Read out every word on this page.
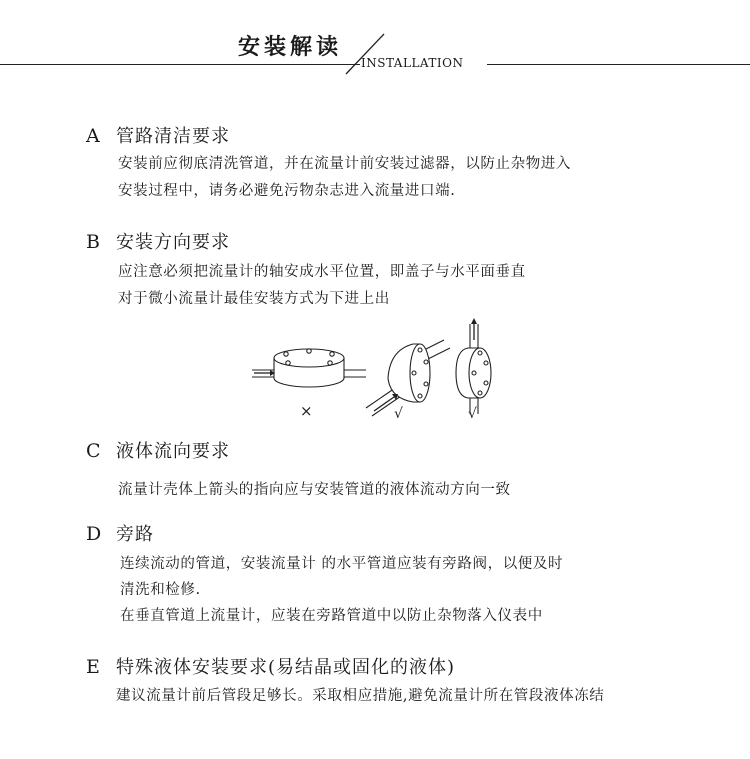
安装解读
INSTALLATION
A 管路清洁要求
安装前应彻底清洗管道，并在流量计前安装过滤器，以防止杂物进入
安装过程中，请务必避免污物杂志进入流量进口端.
B 安装方向要求
应注意必须把流量计的轴安成水平位置，即盖子与水平面垂直
对于微小流量计最佳安装方式为下进上出
×	√	√
C 液体流向要求
流量计壳体上箭头的指向应与安装管道的液体流动方向一致
D 旁路
连续流动的管道，安装流量计 的水平管道应装有旁路阀，以便及时
清洗和检修.
在垂直管道上流量计，应装在旁路管道中以防止杂物落入仪表中
E 特殊液体安装要求(易结晶或固化的液体)
建议流量计前后管段足够长。采取相应措施,避免流量计所在管段液体冻结
